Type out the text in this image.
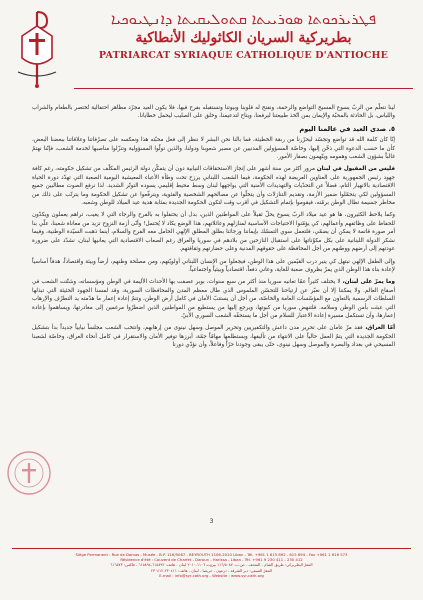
ܦܛܪܝܪܟܘܬܐ ܣܘܪܝܝܬܐ ܩܬܘܠܝܩܝܬܐ ܕܐܢܛܝܘܟܝܐ
بطريركية السريان الكاثوليك الأنطاكية
PATRIARCAT SYRIAQUE CATHOLIQUE D'ANTIOCHE

لينا نتعلّم من الربّ يسوع المسيح التواضع والرحمة، ونفتح له قلوبنا وبيوتنا ونستقبله بفرح فيها، فلا يكون العيد مجرّد مظاهر احتفالية تُختصر بالطعام والشراب واللباس، بل الحادثة بالمحبّة والإيمان بمن اتّخذ طبيعتنا ليرفعنا، ويتاح لتدعيمنا، وخلق على الصليب ليحمل خطايانا.

٥. صدى العيد في عالمنا اليوم

إنّا كان كلمة الله قد تواضع وتجسّد ليحرّرنا من ربقة الخطيئة، فما بالنا نحن البشر لا ننظر إلى فعل محبّته هذا ونعكسه على تصرّفاتنا وعلاقاتنا ببعضنا البعض، كأن ما حسب الدعوة التي ذخّن إليها، وخاصّة المسؤولين المدنيين عن مصير شعوبنا ودولنا، والذين تولّوا المسؤولية وتنزّلوا مناصبها لخدمة الشعب، فإنّنا نهتمّ غالباً بشؤون الشعب وهمومه ويتّهمون بصفار الأمور.

فليس من المقبول في لبنان مرور أكثر من سنة أشهر على إنجاز الاستحقاقات النيابية دون أن يتمكّن دولة الرئيس المكلّف من تشكيل حكومته، رغم كافة جهود رئيس الجمهورية على العناوين العريضة لهذه الحكومة، فيما الشعب اللبناني يرزح تحت وطأة الأعباء المعيشية اليومية الصعبة التي تهدّد دورة الحياة الاقتصادية بالانهيار التام، فضلاً عن التحدّيات والتهديدات الأمنية التي يواجهها لبنان وسط محيط إقليمي يسوده التوتّر الشديد. لذا نرفع الصوت مطالبين جميع المسؤولين لكي يتحمّلوا ضمير الأزمة، وتقديم التنازلات وأن يتخلّوا عن مصالحهم الشخصية والفئوية، ويترفّعوا عن تشكيل الحكومة وما يترتّب على ذلك من مخاطر جسيمة تطال الوطن برمّته، فيقوموا بإتمام التشكيل في أقرب وقت لتكون الحكومة الجديدة بمثابة هدية عيد الميلاد للوطن وشعبه.

وكما يلاحظ الكثيرون، ها هو عيد ميلاد الربّ يسوع يحلّ ثقيلاً على المواطنين الذين، بدل أن يحتفلوا به بالفرح والرجاء التي لا يغيب، تراهم يعملون ويكدّون للحفاظ على وظائفهم وأعمالهم، كي يؤمّنوا الاحتياجات الأساسية لمنازلهم وعائلاتهم، هذا الوضع يكاد لا يُحتمل! وأنّى أزمة النزوح تزيد من معاناة شعبنا، علّي بنا أمر صورة قاتمة لا يمكن أن يضمّي، فلتعمل سوي التمسّك بإيماننا ورجائنا بطلق المطلق الإلهي الحامل معه الفرح والسلام، أينما ذهبت السيّدة الوطنية، وفيما نشكر الدولة اللبنانية على بكل مكوّناتها على استقبال النازحين من بلادهم في سوريا والعراق رغم الصعاب الاقتصادية التي يعانيها لبنان، نشدّد على ضرورة عودتهم إلى أرضهم ووطنهم من أجل المحافظة على حقوقهم المدنية وعلى حضارتهم وثقافتهم.

وإلى الطفل الإلهي نبتهل كي ينير درب القيّمين على هذا الوطن، فيجعلوا من الإنسان اللبناني أولويّتهم، ومن مصلحة وطنهم، أرضاً وبيئة واقتصاداً، هدفاً أساسياً لإعادة بناء هذا الوطن الذي يمرّ بظروف صعبة للغاية، وعاني دفعاً، اقتصادياً وبيئياً واجتماعياً.

وما يمرّ على لبنان، لا يختلف كثيراً عمّا تعانيه سوريا منذ أكثر من سبع سنوات، بوبر عصفت بها الأحداث الأليمة في الوطن ومؤسساته، وشتّتت الشعب في أصقاع العالم. ولا يمكننا إلا أن نعبّر عن ارتياحنا للتحسّن الملموس الذي طال معظم المدن والمحافظات السورية، وقد لمسنا الجهود الحثيثة التي تبذلها السلطات الرسمية بالتعاون مع المؤسّسات العامة والخاصّة، من أجل أن يستتبّ الأمان في كامل أرض الوطن، وتتمّ إعادة إعمار ما هدّمته يد التطرّف والإرهاب التي عبثت بأمن الوطن وسلامه. فلتنهض سوريا من كبوتها، ويرجع إليها من يستطيع من المواطنين الذين اضطرّوا مرغمين إلى مغادرتها، ويساهموا بإعادة إعمارها، وأن تستكمل مسيرة إعادة الاعتبار للسلام من أجل ما يستحقّه الشعب السوري الأبيّ.

أمّا العراق، فقد مرّ عامان على تحرير مدن داعش والتكفيريين وتحرير الموصل وسهل نينوى من إرهابهم، وانتخب الشعب مجلساً نيابياً جديداً بدأ بتشكيل الحكومة الجديدة التي يتمّ العمل حالياً على الانتهاء من تأليفها، وبستطلعها مهامّاً جمّة، أبرزها توفير الأمان والاستقرار في كامل أنحاء العراق، وخاصّة لشعبنا المسيحي في بغداد والبصرة والموصل وسهل نينوى، حتّى يبقى وجودنا حرّاً وفاعلاً، وأن نؤدّي دورنا

3
Siège Permanent : Rue de Damas - Musée - B.P. 116/5087 - BEYROUTH 1106-2010 Liban - Tél. +961 1 615 892 - 615 894 - Fax +961 1 616 573
Résidence d'été : Couvent de Charfet - Daroun - Harissa - Liban - Tél. +961 9 230 411 - 230 412
المقرّ البطريركي: طريق الشام - المتحف - ص.ب. ١١٦/٥٠٨٧ بيروت ١١٠٦-٢٠١٠ لبنان - هاتف: ٦١٥٨٩٢-٦١٥٨٩٤ - فاكس: ٦١٦٥٧٣
المقرّ الصيفي: دير الشرفة - درعون - حريصا - لبنان - هاتف: ٢٣٠٤١١-٢٣٠٤١٢
E-mail : info@syr-cath.org - Website : www.syr-cath.org
